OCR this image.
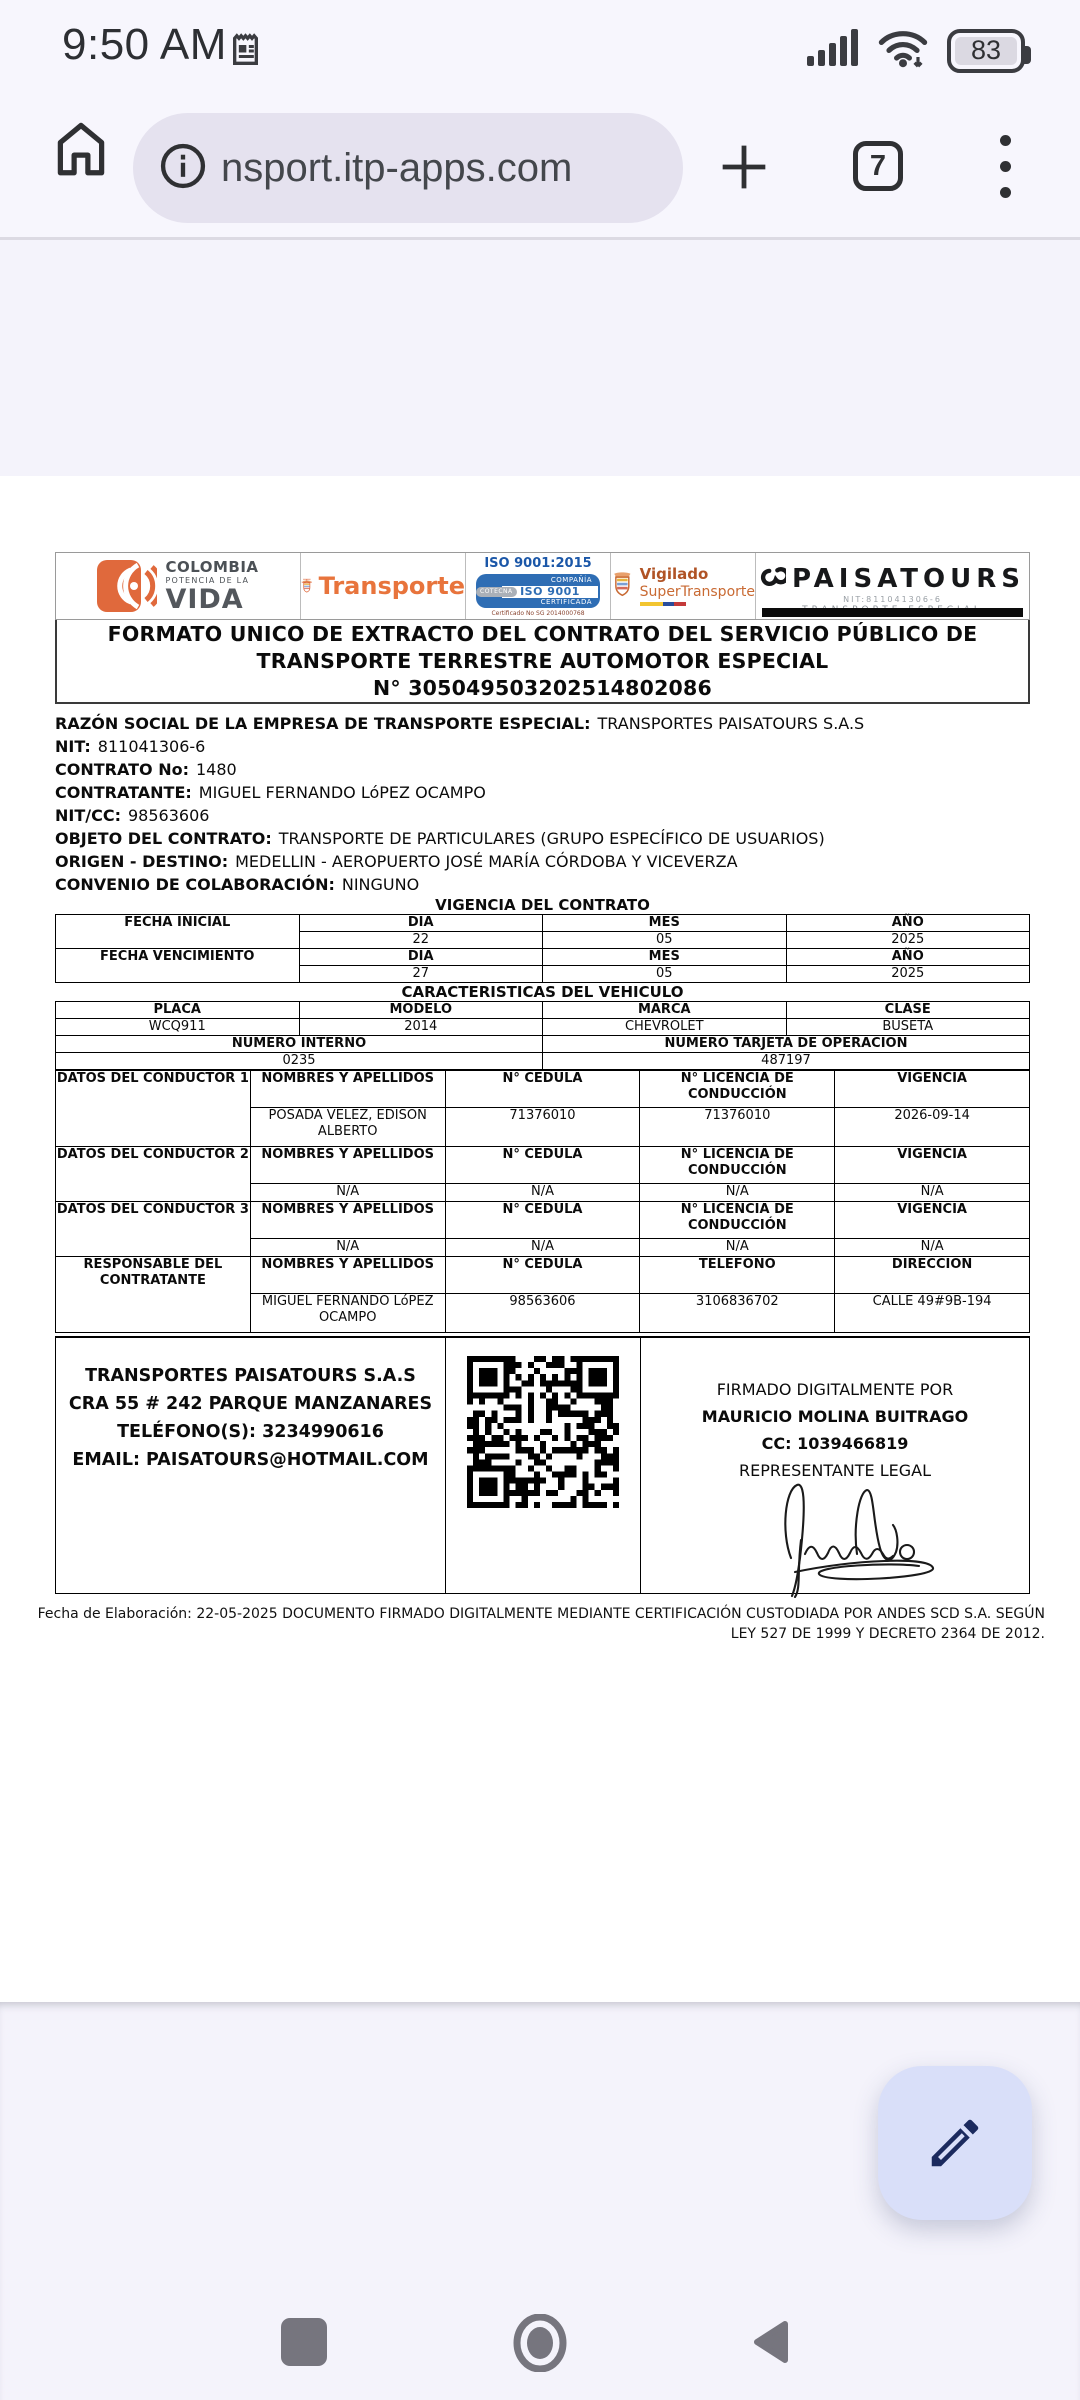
9:50 AM	83
nsport.itp-apps.com	7
COLOMBIA
POTENCIA DE LA
VIDA	Transporte
ISO 9001:2015
COMPAÑÍA
ISO 9001
CERTIFICADA
COTECNA
Certificado No SG 2014000768
Vigilado
SuperTransporte PAISATOURS
NIT:811041306-6
FORMATO UNICO DE EXTRACTO DEL CONTRATO DEL SERVICIO PÚBLICO DE
TRANSPORTE TERRESTRE AUTOMOTOR ESPECIAL
N° 305049503202514802086
RAZÓN SOCIAL DE LA EMPRESA DE TRANSPORTE ESPECIAL: TRANSPORTES PAISATOURS S.A.S
NIT: 811041306-6
CONTRATO No: 1480
CONTRATANTE: MIGUEL FERNANDO LóPEZ OCAMPO
NIT/CC: 98563606
OBJETO DEL CONTRATO: TRANSPORTE DE PARTICULARES (GRUPO ESPECÍFICO DE USUARIOS)
ORIGEN - DESTINO: MEDELLIN - AEROPUERTO JOSÉ MARÍA CÓRDOBA Y VICEVERZA
CONVENIO DE COLABORACIÓN: NINGUNO
VIGENCIA DEL CONTRATO
FECHA INICIAL	DIA	MES	AÑO
	22	05	2025
FECHA VENCIMIENTO	DIA	MES	AÑO
	27	05	2025
CARACTERISTICAS DEL VEHICULO
PLACA	MODELO	MARCA	CLASE
WCQ911	2014	CHEVROLET	BUSETA
NUMERO INTERNO		NUMERO TARJETA DE OPERACION	
0235		487197	
DATOS DEL CONDUCTOR 1	NOMBRES Y APELLIDOS	N° CEDULA	N° LICENCIA DE CONDUCCIÓN	VIGENCIA
	POSADA VELEZ, EDISON ALBERTO	71376010	71376010	2026-09-14
DATOS DEL CONDUCTOR 2	NOMBRES Y APELLIDOS	N° CEDULA	N° LICENCIA DE CONDUCCIÓN	VIGENCIA
	N/A	N/A	N/A	N/A
DATOS DEL CONDUCTOR 3	NOMBRES Y APELLIDOS	N° CEDULA	N° LICENCIA DE CONDUCCIÓN	VIGENCIA
	N/A	N/A	N/A	N/A
RESPONSABLE DEL CONTRATANTE	NOMBRES Y APELLIDOS	N° CEDULA	TELEFONO	DIRECCION
	MIGUEL FERNANDO LóPEZ OCAMPO	98563606	3106836702	CALLE 49#9B-194
TRANSPORTES PAISATOURS S.A.S
CRA 55 # 242 PARQUE MANZANARES
TELÉFONO(S): 3234990616
EMAIL: PAISATOURS@HOTMAIL.COM
FIRMADO DIGITALMENTE POR
MAURICIO MOLINA BUITRAGO
CC: 1039466819
REPRESENTANTE LEGAL
Fecha de Elaboración: 22-05-2025 DOCUMENTO FIRMADO DIGITALMENTE MEDIANTE CERTIFICACIÓN CUSTODIADA POR ANDES SCD S.A. SEGÚN LEY 527 DE 1999 Y DECRETO 2364 DE 2012.
